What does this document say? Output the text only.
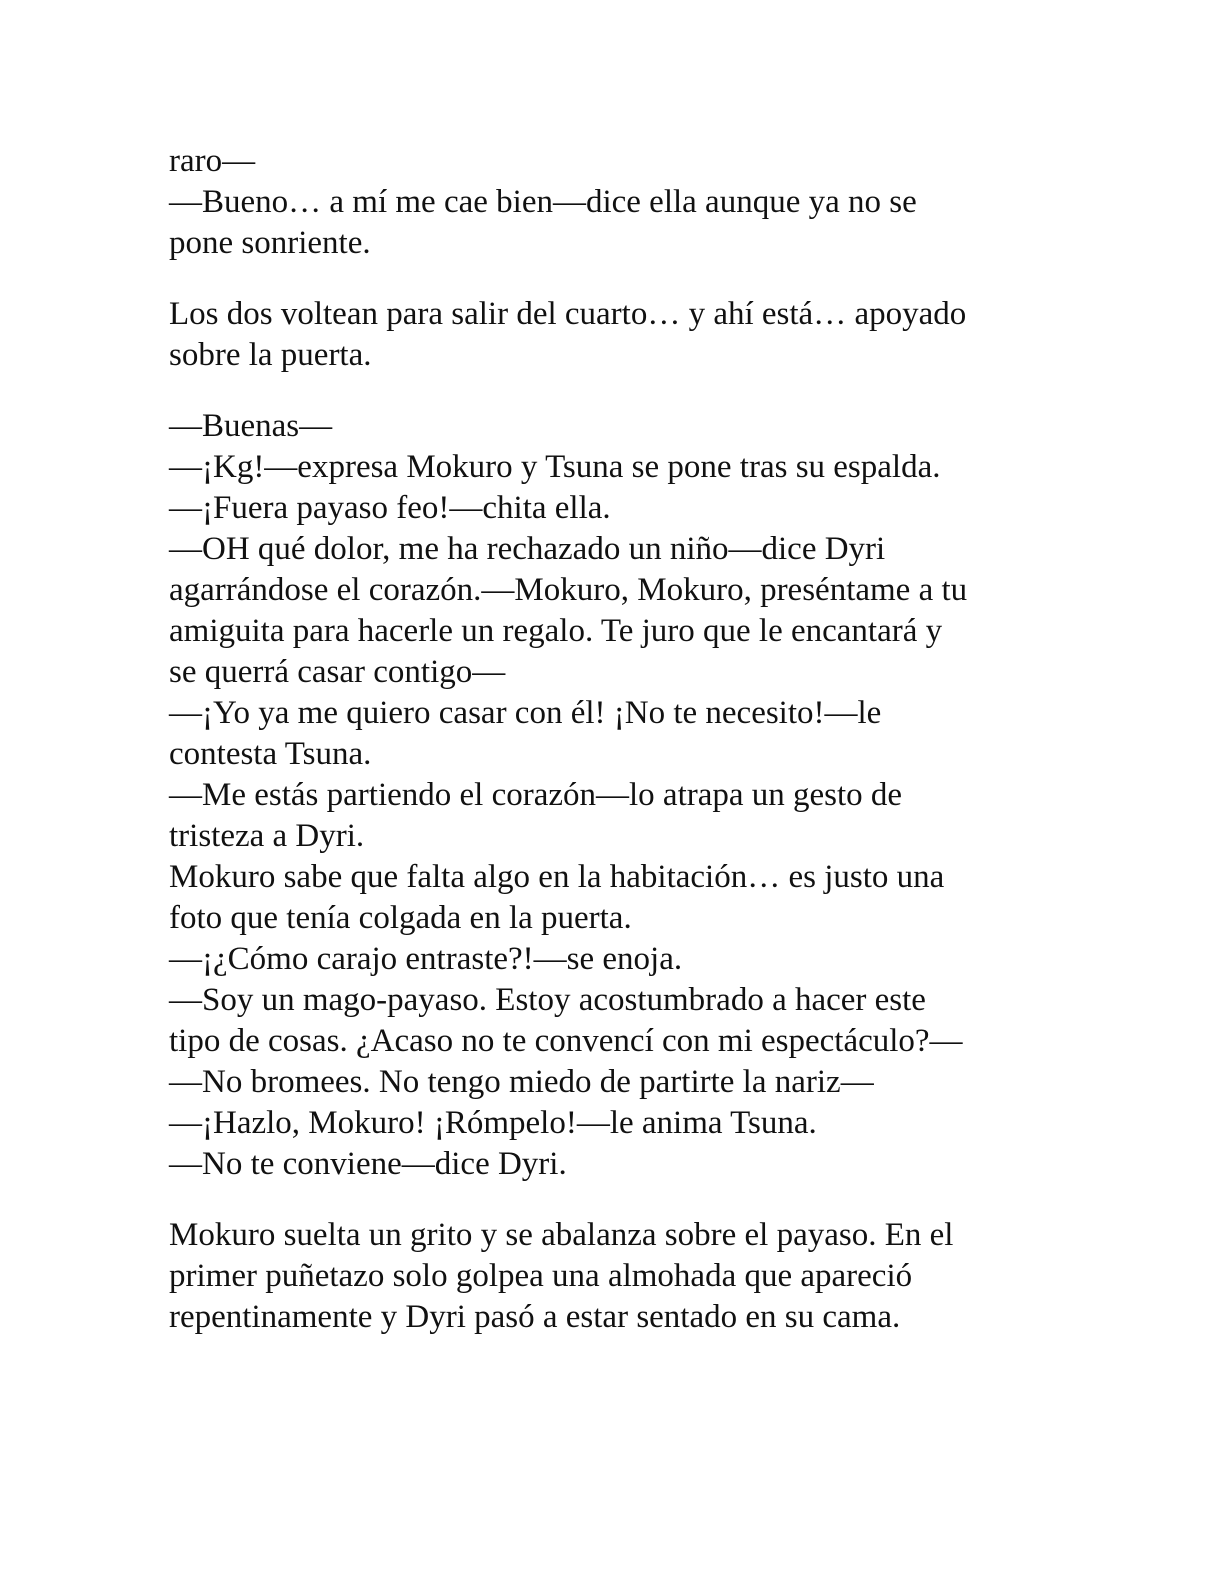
raro—
—Bueno… a mí me cae bien—dice ella aunque ya no se
pone sonriente.
Los dos voltean para salir del cuarto… y ahí está… apoyado
sobre la puerta.
—Buenas—
—¡Kg!—expresa Mokuro y Tsuna se pone tras su espalda.
—¡Fuera payaso feo!—chita ella.
—OH qué dolor, me ha rechazado un niño—dice Dyri
agarrándose el corazón.—Mokuro, Mokuro, preséntame a tu
amiguita para hacerle un regalo. Te juro que le encantará y
se querrá casar contigo—
—¡Yo ya me quiero casar con él! ¡No te necesito!—le
contesta Tsuna.
—Me estás partiendo el corazón—lo atrapa un gesto de
tristeza a Dyri.
Mokuro sabe que falta algo en la habitación… es justo una
foto que tenía colgada en la puerta.
—¡¿Cómo carajo entraste?!—se enoja.
—Soy un mago-payaso. Estoy acostumbrado a hacer este
tipo de cosas. ¿Acaso no te convencí con mi espectáculo?—
—No bromees. No tengo miedo de partirte la nariz—
—¡Hazlo, Mokuro! ¡Rómpelo!—le anima Tsuna.
—No te conviene—dice Dyri.
Mokuro suelta un grito y se abalanza sobre el payaso. En el
primer puñetazo solo golpea una almohada que apareció
repentinamente y Dyri pasó a estar sentado en su cama.
